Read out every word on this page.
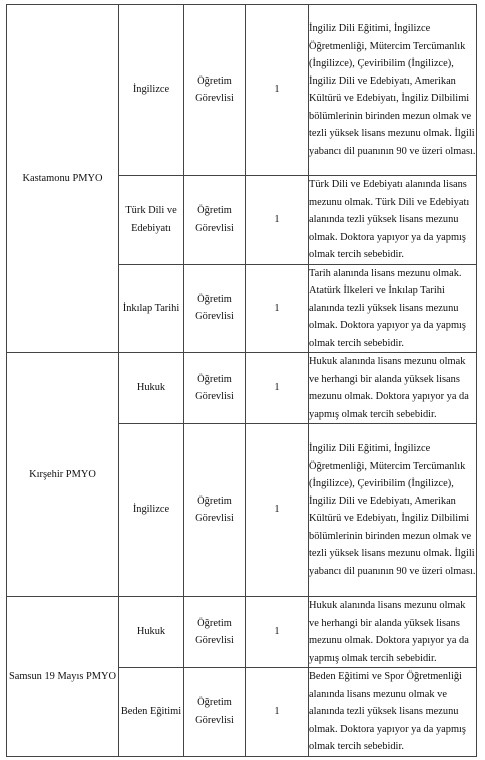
Kastamonu PMYO	İngilizce	Öğretim Görevlisi	1	İngiliz Dili Eğitimi, İngilizce Öğretmenliği, Mütercim Tercümanlık (İngilizce), Çeviribilim (İngilizce), İngiliz Dili ve Edebiyatı, Amerikan Kültürü ve Edebiyatı, İngiliz Dilbilimi bölümlerinin birinden mezun olmak ve tezli yüksek lisans mezunu olmak. İlgili yabancı dil puanının 90 ve üzeri olması.
	Türk Dili ve Edebiyatı	Öğretim Görevlisi	1	Türk Dili ve Edebiyatı alanında lisans mezunu olmak. Türk Dili ve Edebiyatı alanında tezli yüksek lisans mezunu olmak. Doktora yapıyor ya da yapmış olmak tercih sebebidir.
	İnkılap Tarihi	Öğretim Görevlisi	1	Tarih alanında lisans mezunu olmak. Atatürk İlkeleri ve İnkılap Tarihi alanında tezli yüksek lisans mezunu olmak. Doktora yapıyor ya da yapmış olmak tercih sebebidir.
Kırşehir PMYO	Hukuk	Öğretim Görevlisi	1	Hukuk alanında lisans mezunu olmak ve herhangi bir alanda yüksek lisans mezunu olmak. Doktora yapıyor ya da yapmış olmak tercih sebebidir.
	İngilizce	Öğretim Görevlisi	1	İngiliz Dili Eğitimi, İngilizce Öğretmenliği, Mütercim Tercümanlık (İngilizce), Çeviribilim (İngilizce), İngiliz Dili ve Edebiyatı, Amerikan Kültürü ve Edebiyatı, İngiliz Dilbilimi bölümlerinin birinden mezun olmak ve tezli yüksek lisans mezunu olmak. İlgili yabancı dil puanının 90 ve üzeri olması.
Samsun 19 Mayıs PMYO	Hukuk	Öğretim Görevlisi	1	Hukuk alanında lisans mezunu olmak ve herhangi bir alanda yüksek lisans mezunu olmak. Doktora yapıyor ya da yapmış olmak tercih sebebidir.
	Beden Eğitimi	Öğretim Görevlisi	1	Beden Eğitimi ve Spor Öğretmenliği alanında lisans mezunu olmak ve alanında tezli yüksek lisans mezunu olmak. Doktora yapıyor ya da yapmış olmak tercih sebebidir.
